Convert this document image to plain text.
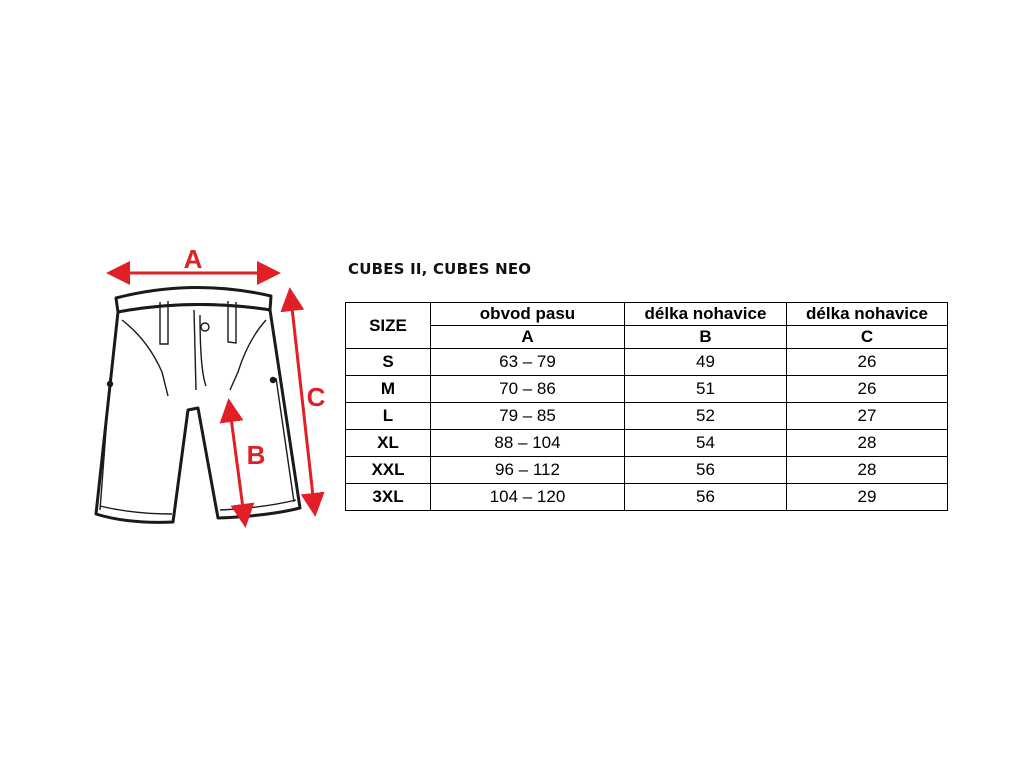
A
C
B
CUBES II, CUBES NEO
SIZE	obvod pasu	délka nohavice	délka nohavice
	A	B	C
S	63 – 79	49	26
M	70 – 86	51	26
L	79 – 85	52	27
XL	88 – 104	54	28
XXL	96 – 112	56	28
3XL	104 – 120	56	29
